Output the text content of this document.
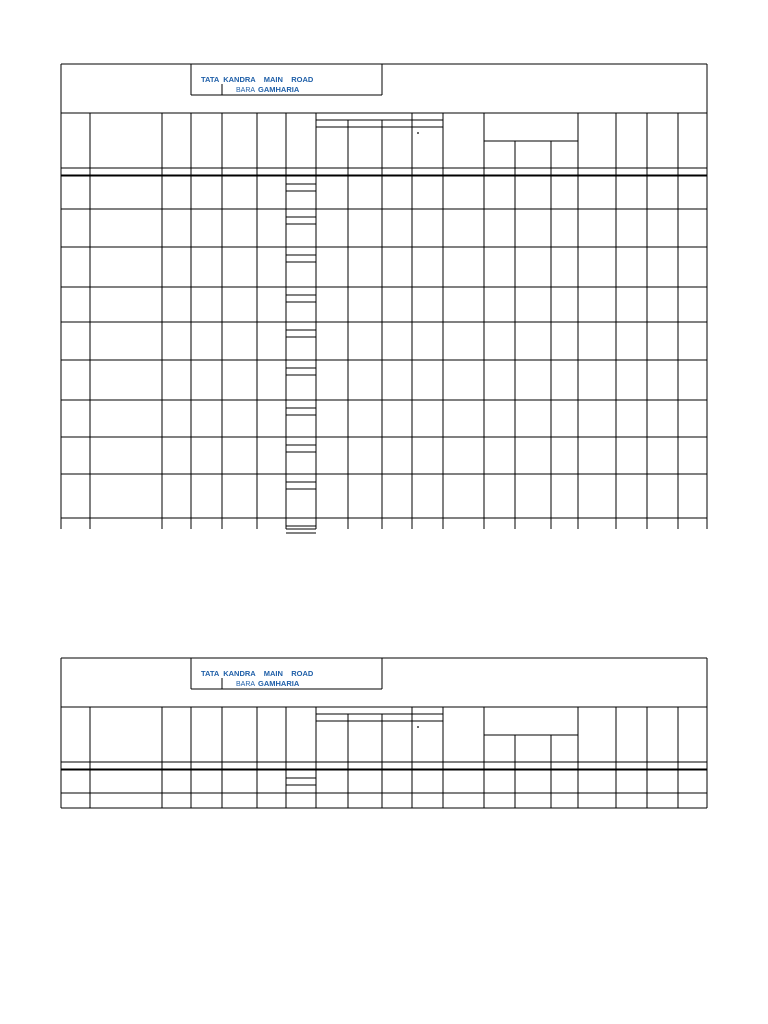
TATA  KANDRA    MAIN    ROAD
BARA GAMHARIA
TATA  KANDRA    MAIN    ROAD
BARA GAMHARIA
